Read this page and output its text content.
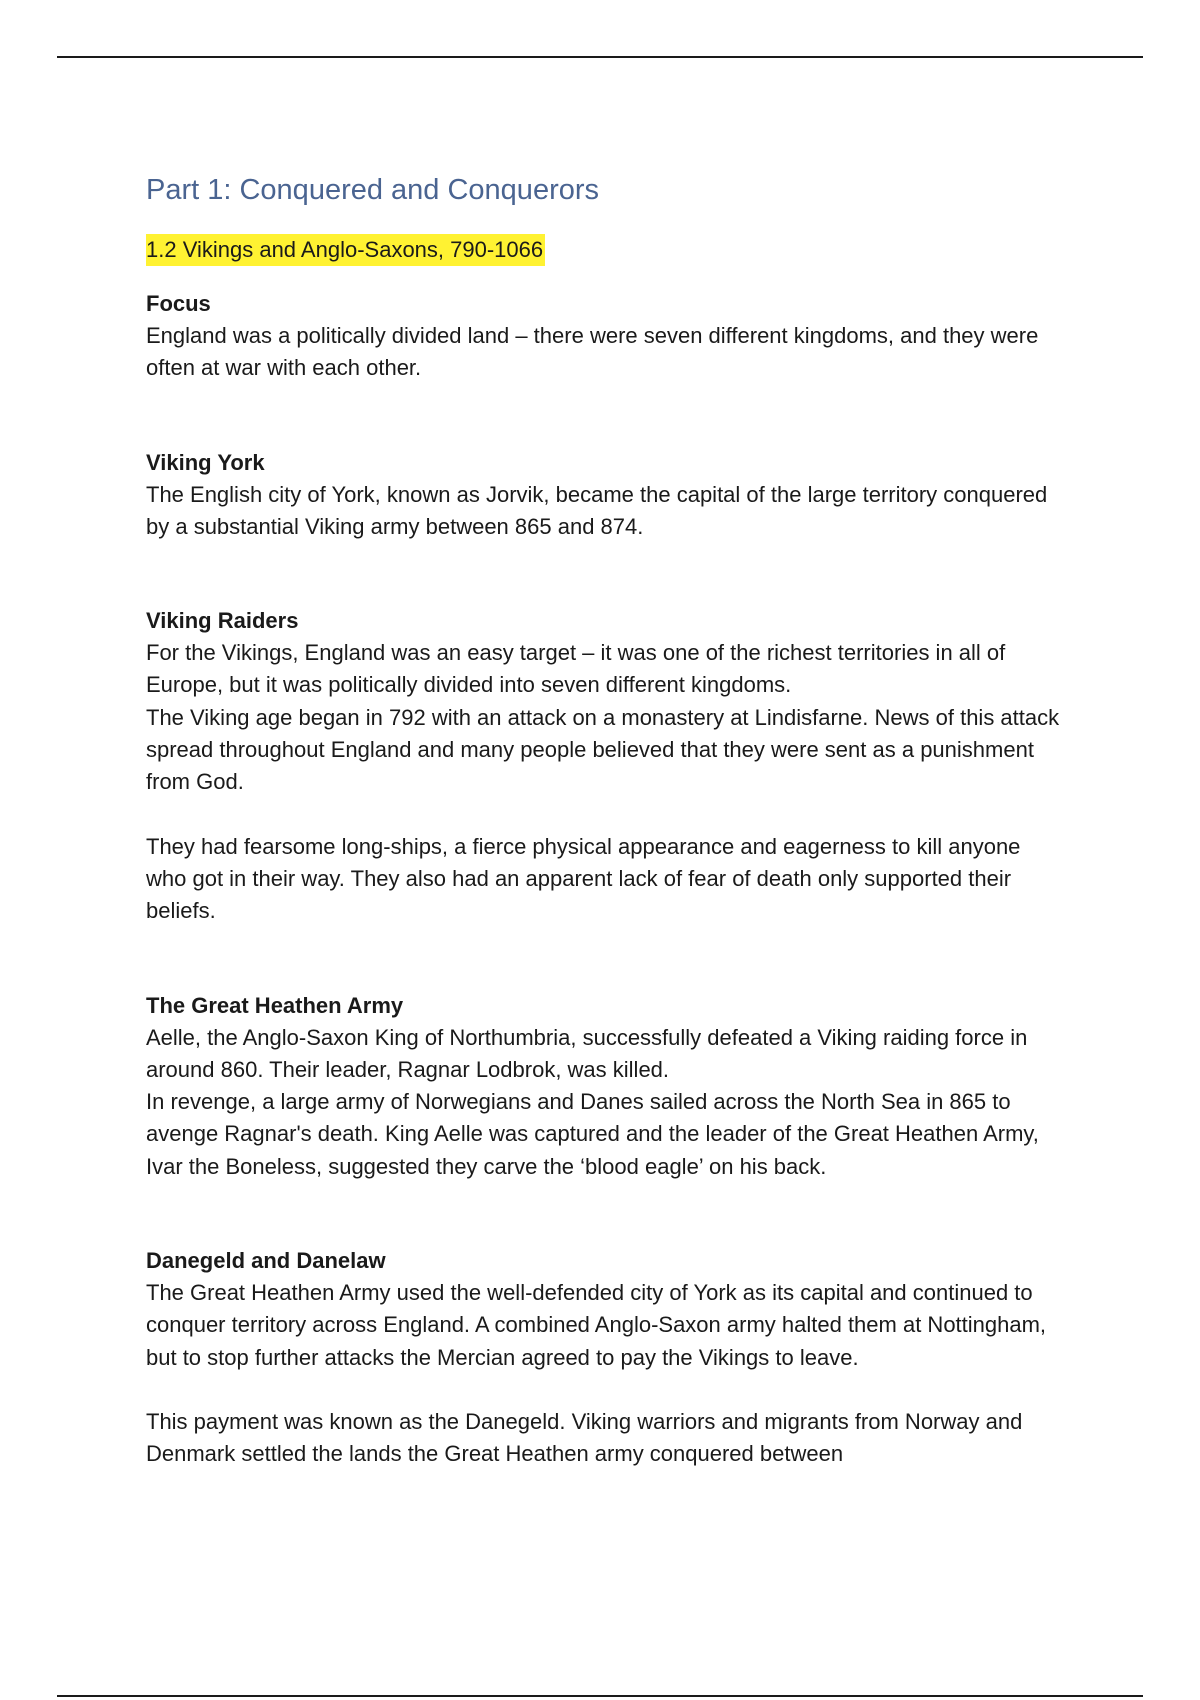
Part 1: Conquered and Conquerors
1.2 Vikings and Anglo-Saxons, 790-1066

Focus

England was a politically divided land – there were seven different kingdoms, and they were often at war with each other.

Viking York

The English city of York, known as Jorvik, became the capital of the large territory conquered by a substantial Viking army between 865 and 874.

Viking Raiders

For the Vikings, England was an easy target – it was one of the richest territories in all of Europe, but it was politically divided into seven different kingdoms.

The Viking age began in 792 with an attack on a monastery at Lindisfarne. News of this attack spread throughout England and many people believed that they were sent as a punishment from God.

They had fearsome long-ships, a fierce physical appearance and eagerness to kill anyone who got in their way. They also had an apparent lack of fear of death only supported their beliefs.

The Great Heathen Army

Aelle, the Anglo-Saxon King of Northumbria, successfully defeated a Viking raiding force in around 860. Their leader, Ragnar Lodbrok, was killed.

In revenge, a large army of Norwegians and Danes sailed across the North Sea in 865 to avenge Ragnar's death. King Aelle was captured and the leader of the Great Heathen Army, Ivar the Boneless, suggested they carve the ‘blood eagle’ on his back.

Danegeld and Danelaw

The Great Heathen Army used the well-defended city of York as its capital and continued to conquer territory across England. A combined Anglo-Saxon army halted them at Nottingham, but to stop further attacks the Mercian agreed to pay the Vikings to leave.

This payment was known as the Danegeld. Viking warriors and migrants from Norway and Denmark settled the lands the Great Heathen army conquered between
